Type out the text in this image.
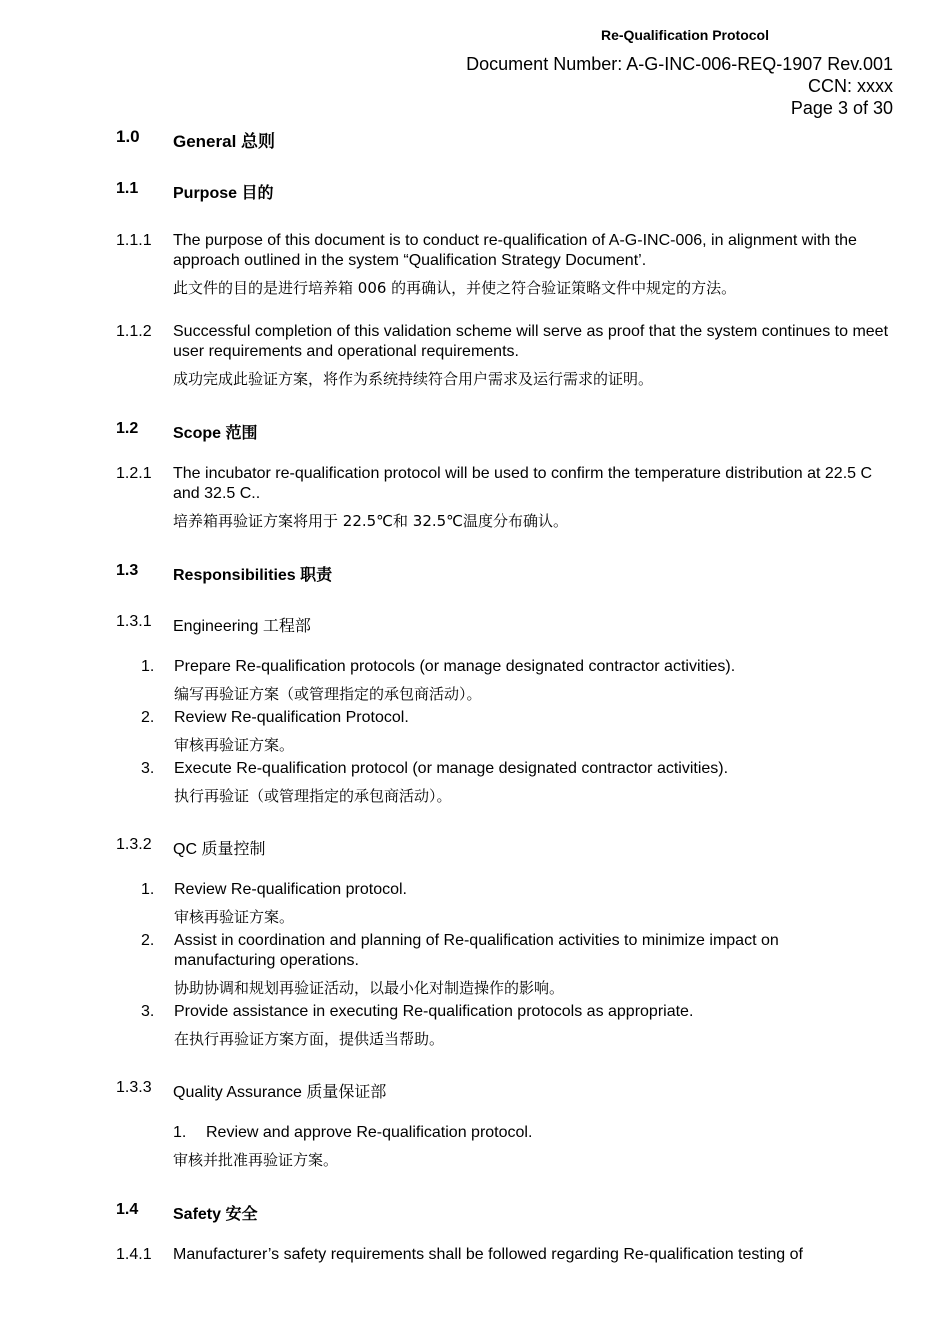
Re-Qualification Protocol
Document Number: A-G-INC-006-REQ-1907 Rev.001
CCN: xxxx
Page 3 of 30
1.0 General 总则
1.1 Purpose 目的
1.1.1 The purpose of this document is to conduct re-qualification of A-G-INC-006, in alignment with the approach outlined in the system “Qualification Strategy Document’.
此文件的目的是进行培养箱 006 的再确认，并使之符合验证策略文件中规定的方法。
1.1.2 Successful completion of this validation scheme will serve as proof that the system continues to meet user requirements and operational requirements.
成功完成此验证方案，将作为系统持续符合用户需求及运行需求的证明。
1.2 Scope 范围
1.2.1 The incubator re-qualification protocol will be used to confirm the temperature distribution at 22.5 C and 32.5 C..
培养箱再验证方案将用于 22.5℃和 32.5℃温度分布确认。
1.3 Responsibilities 职责
1.3.1 Engineering 工程部
1. Prepare Re-qualification protocols (or manage designated contractor activities).
编写再验证方案（或管理指定的承包商活动）。
2. Review Re-qualification Protocol.
审核再验证方案。
3. Execute Re-qualification protocol (or manage designated contractor activities).
执行再验证（或管理指定的承包商活动）。
1.3.2 QC 质量控制
1. Review Re-qualification protocol.
审核再验证方案。
2. Assist in coordination and planning of Re-qualification activities to minimize impact on manufacturing operations.
协助协调和规划再验证活动，以最小化对制造操作的影响。
3. Provide assistance in executing Re-qualification protocols as appropriate.
在执行再验证方案方面，提供适当帮助。
1.3.3 Quality Assurance 质量保证部
1. Review and approve Re-qualification protocol.
审核并批准再验证方案。
1.4 Safety 安全
1.4.1 Manufacturer’s safety requirements shall be followed regarding Re-qualification testing of
